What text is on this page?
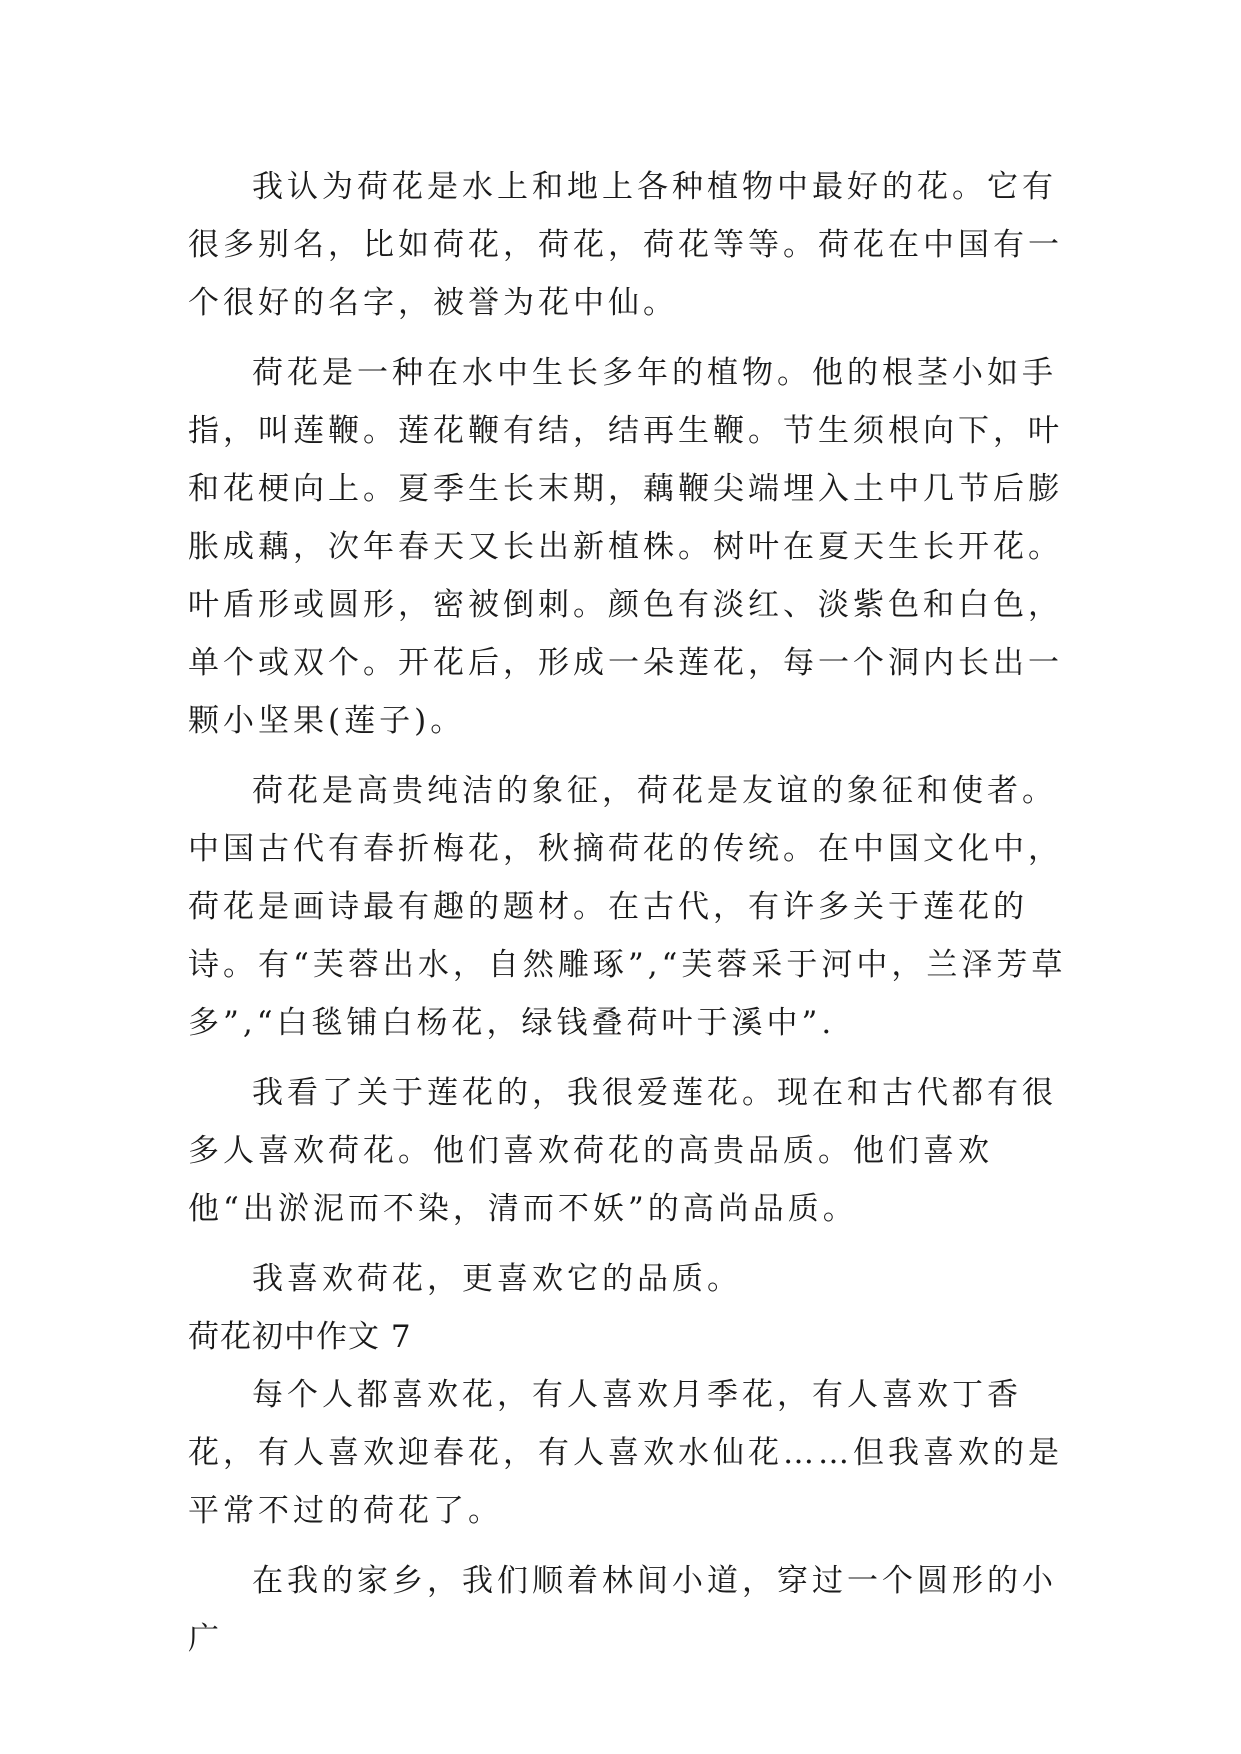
我认为荷花是水上和地上各种植物中最好的花。它有很多别名，比如荷花，荷花，荷花等等。荷花在中国有一个很好的名字，被誉为花中仙。

荷花是一种在水中生长多年的植物。他的根茎小如手指，叫莲鞭。莲花鞭有结，结再生鞭。节生须根向下，叶和花梗向上。夏季生长末期，藕鞭尖端埋入土中几节后膨胀成藕，次年春天又长出新植株。树叶在夏天生长开花。叶盾形或圆形，密被倒刺。颜色有淡红、淡紫色和白色，单个或双个。开花后，形成一朵莲花，每一个洞内长出一颗小坚果(莲子)。

荷花是高贵纯洁的象征，荷花是友谊的象征和使者。中国古代有春折梅花，秋摘荷花的传统。在中国文化中，荷花是画诗最有趣的题材。在古代，有许多关于莲花的诗。有“芙蓉出水，自然雕琢”,“芙蓉采于河中，兰泽芳草多”,“白毯铺白杨花，绿钱叠荷叶于溪中”.

我看了关于莲花的，我很爱莲花。现在和古代都有很多人喜欢荷花。他们喜欢荷花的高贵品质。他们喜欢他“出淤泥而不染，清而不妖”的高尚品质。

我喜欢荷花，更喜欢它的品质。

荷花初中作文 7

每个人都喜欢花，有人喜欢月季花，有人喜欢丁香花，有人喜欢迎春花，有人喜欢水仙花……但我喜欢的是平常不过的荷花了。

在我的家乡，我们顺着林间小道，穿过一个圆形的小广
